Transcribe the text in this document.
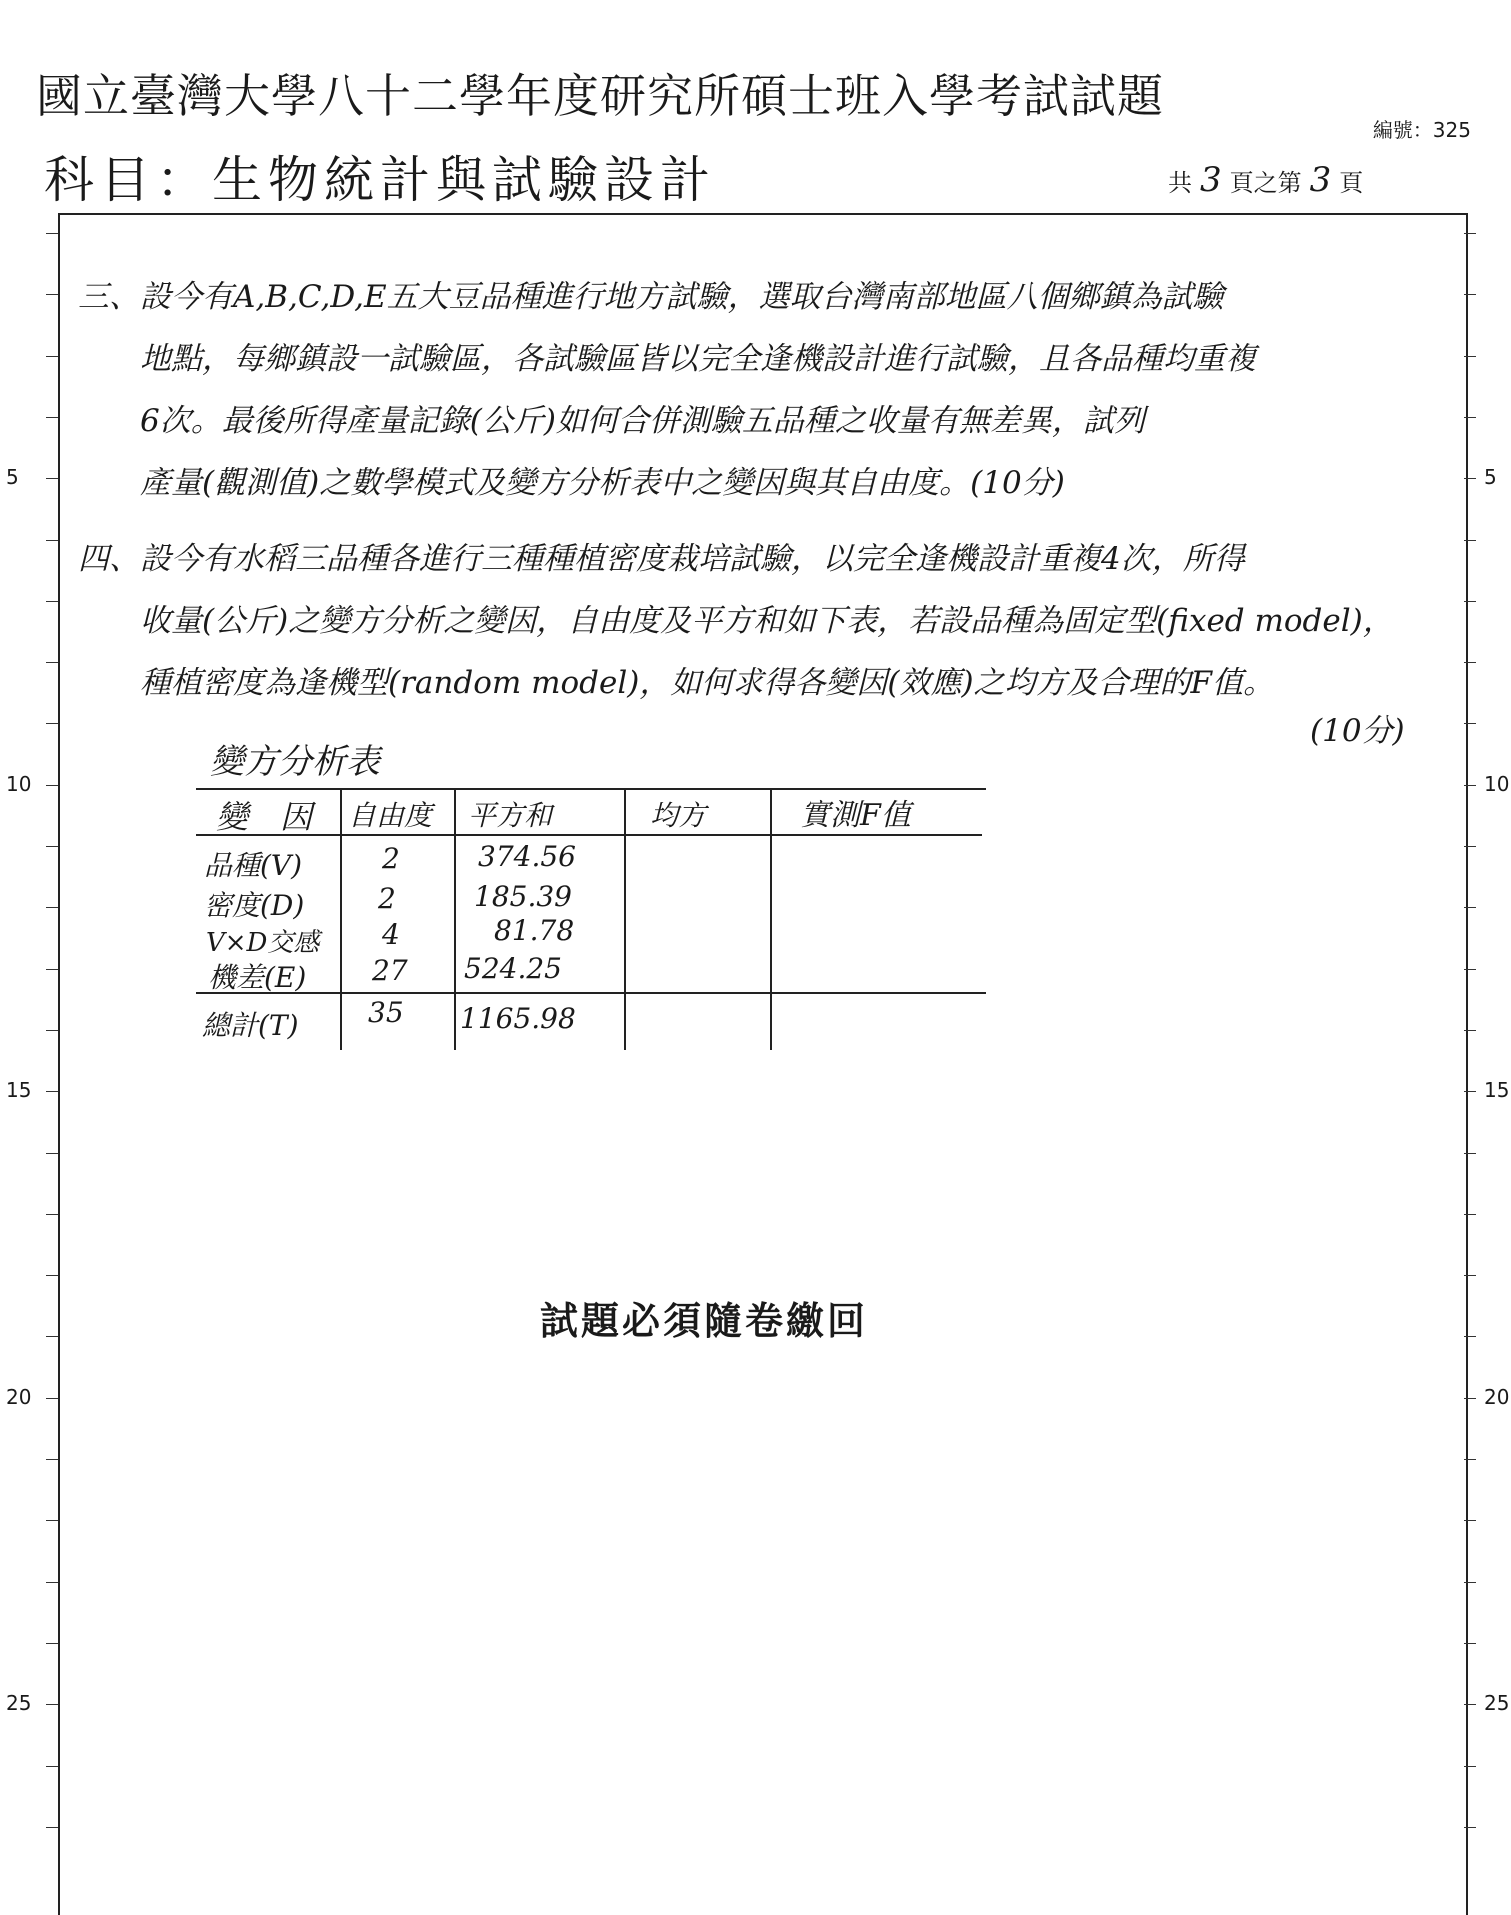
國立臺灣大學八十二學年度研究所碩士班入學考試試題
編號：325
科目：生物統計與試驗設計	共 3 頁之第 3 頁
5
10
15
20
25
5
10
15
20
25
三、 設今有A,B,C,D,E五大豆品種進行地方試驗，選取台灣南部地區八個鄉鎮為試驗
地點，每鄉鎮設一試驗區，各試驗區皆以完全逢機設計進行試驗，且各品種均重複
6次。最後所得產量記錄(公斤)如何合併測驗五品種之收量有無差異，試列
產量(觀測值)之數學模式及變方分析表中之變因與其自由度。(10分)
四、 設今有水稻三品種各進行三種種植密度栽培試驗，以完全逢機設計重複4次，所得
收量(公斤)之變方分析之變因，自由度及平方和如下表，若設品種為固定型(fixed model)，
種植密度為逢機型(random model)，如何求得各變因(效應)之均方及合理的F值。
(10分)
變方分析表
變　因 自由度 平方和	均方	實測F值
品種(V)	2	374.56
密度(D)	2	185.39
V×D交感 4	81.78
機差(E) 27 524.25
總計(T) 35 1165.98
試題必須隨卷繳回
